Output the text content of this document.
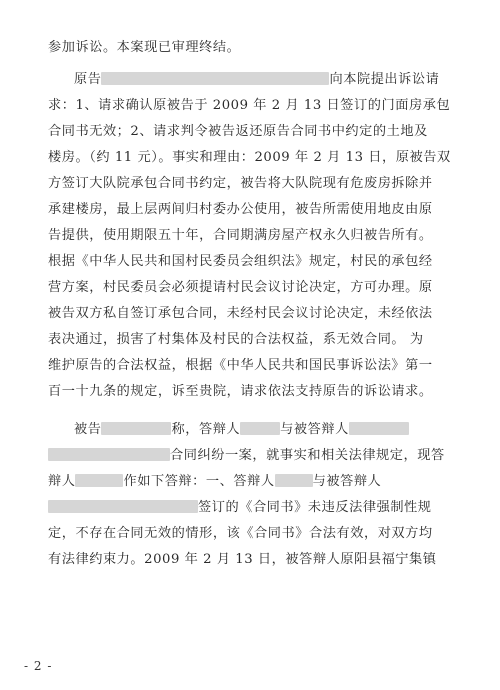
参加诉讼。本案现已审理终结。
原告	向本院提出诉讼请
求：1、请求确认原被告于 2009 年 2 月 13 日签订的门面房承包
合同书无效；2、请求判令被告返还原告合同书中约定的土地及
楼房。（约 11 元）。事实和理由：2009 年 2 月 13 日，原被告双
方签订大队院承包合同书约定，被告将大队院现有危废房拆除并
承建楼房，最上层两间归村委办公使用，被告所需使用地皮由原
告提供，使用期限五十年，合同期满房屋产权永久归被告所有。
根据《中华人民共和国村民委员会组织法》规定，村民的承包经
营方案，村民委员会必须提请村民会议讨论决定，方可办理。原
被告双方私自签订承包合同，未经村民会议讨论决定，未经依法
表决通过，损害了村集体及村民的合法权益，系无效合同。 为
维护原告的合法权益，根据《中华人民共和国民事诉讼法》第一
百一十九条的规定，诉至贵院，请求依法支持原告的诉讼请求。
被告	称，答辩人	与被答辩人
合同纠纷一案，就事实和相关法律规定，现答
辩人	作如下答辩：一、答辩人	与被答辩人
签订的《合同书》未违反法律强制性规
定，不存在合同无效的情形，该《合同书》合法有效，对双方均
有法律约束力。2009 年 2 月 13 日，被答辩人原阳县福宁集镇
- 2 -
